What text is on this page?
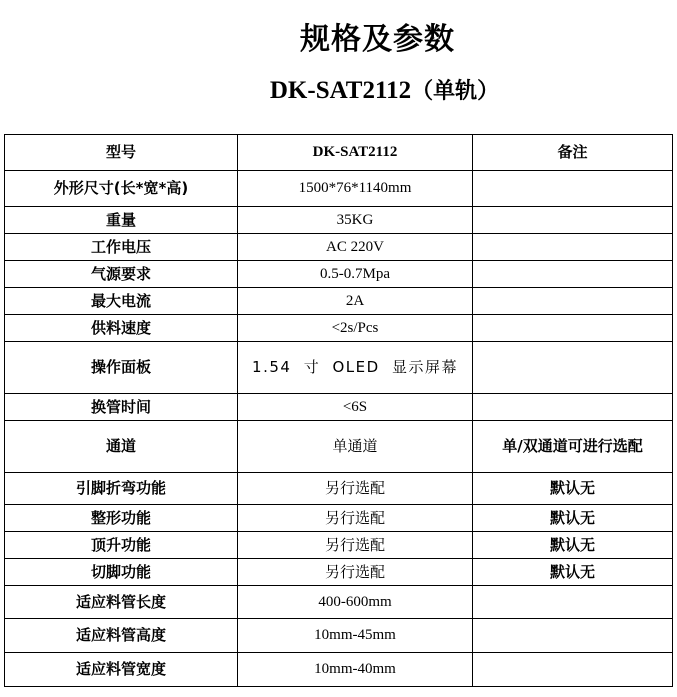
规格及参数
DK-SAT2112（单轨）
型号	DK-SAT2112	备注
外形尺寸(长*宽*高)	1500*76*1140mm	
重量	35KG	
工作电压	AC 220V	
气源要求	0.5-0.7Mpa	
最大电流	2A	
供料速度	<2s/Pcs	
操作面板	1.54 寸 OLED 显示屏幕	
换管时间	<6S	
通道	单通道	单/双通道可进行选配
引脚折弯功能	另行选配	默认无
整形功能	另行选配	默认无
顶升功能	另行选配	默认无
切脚功能	另行选配	默认无
适应料管长度	400-600mm	
适应料管高度	10mm-45mm	
适应料管宽度	10mm-40mm	
